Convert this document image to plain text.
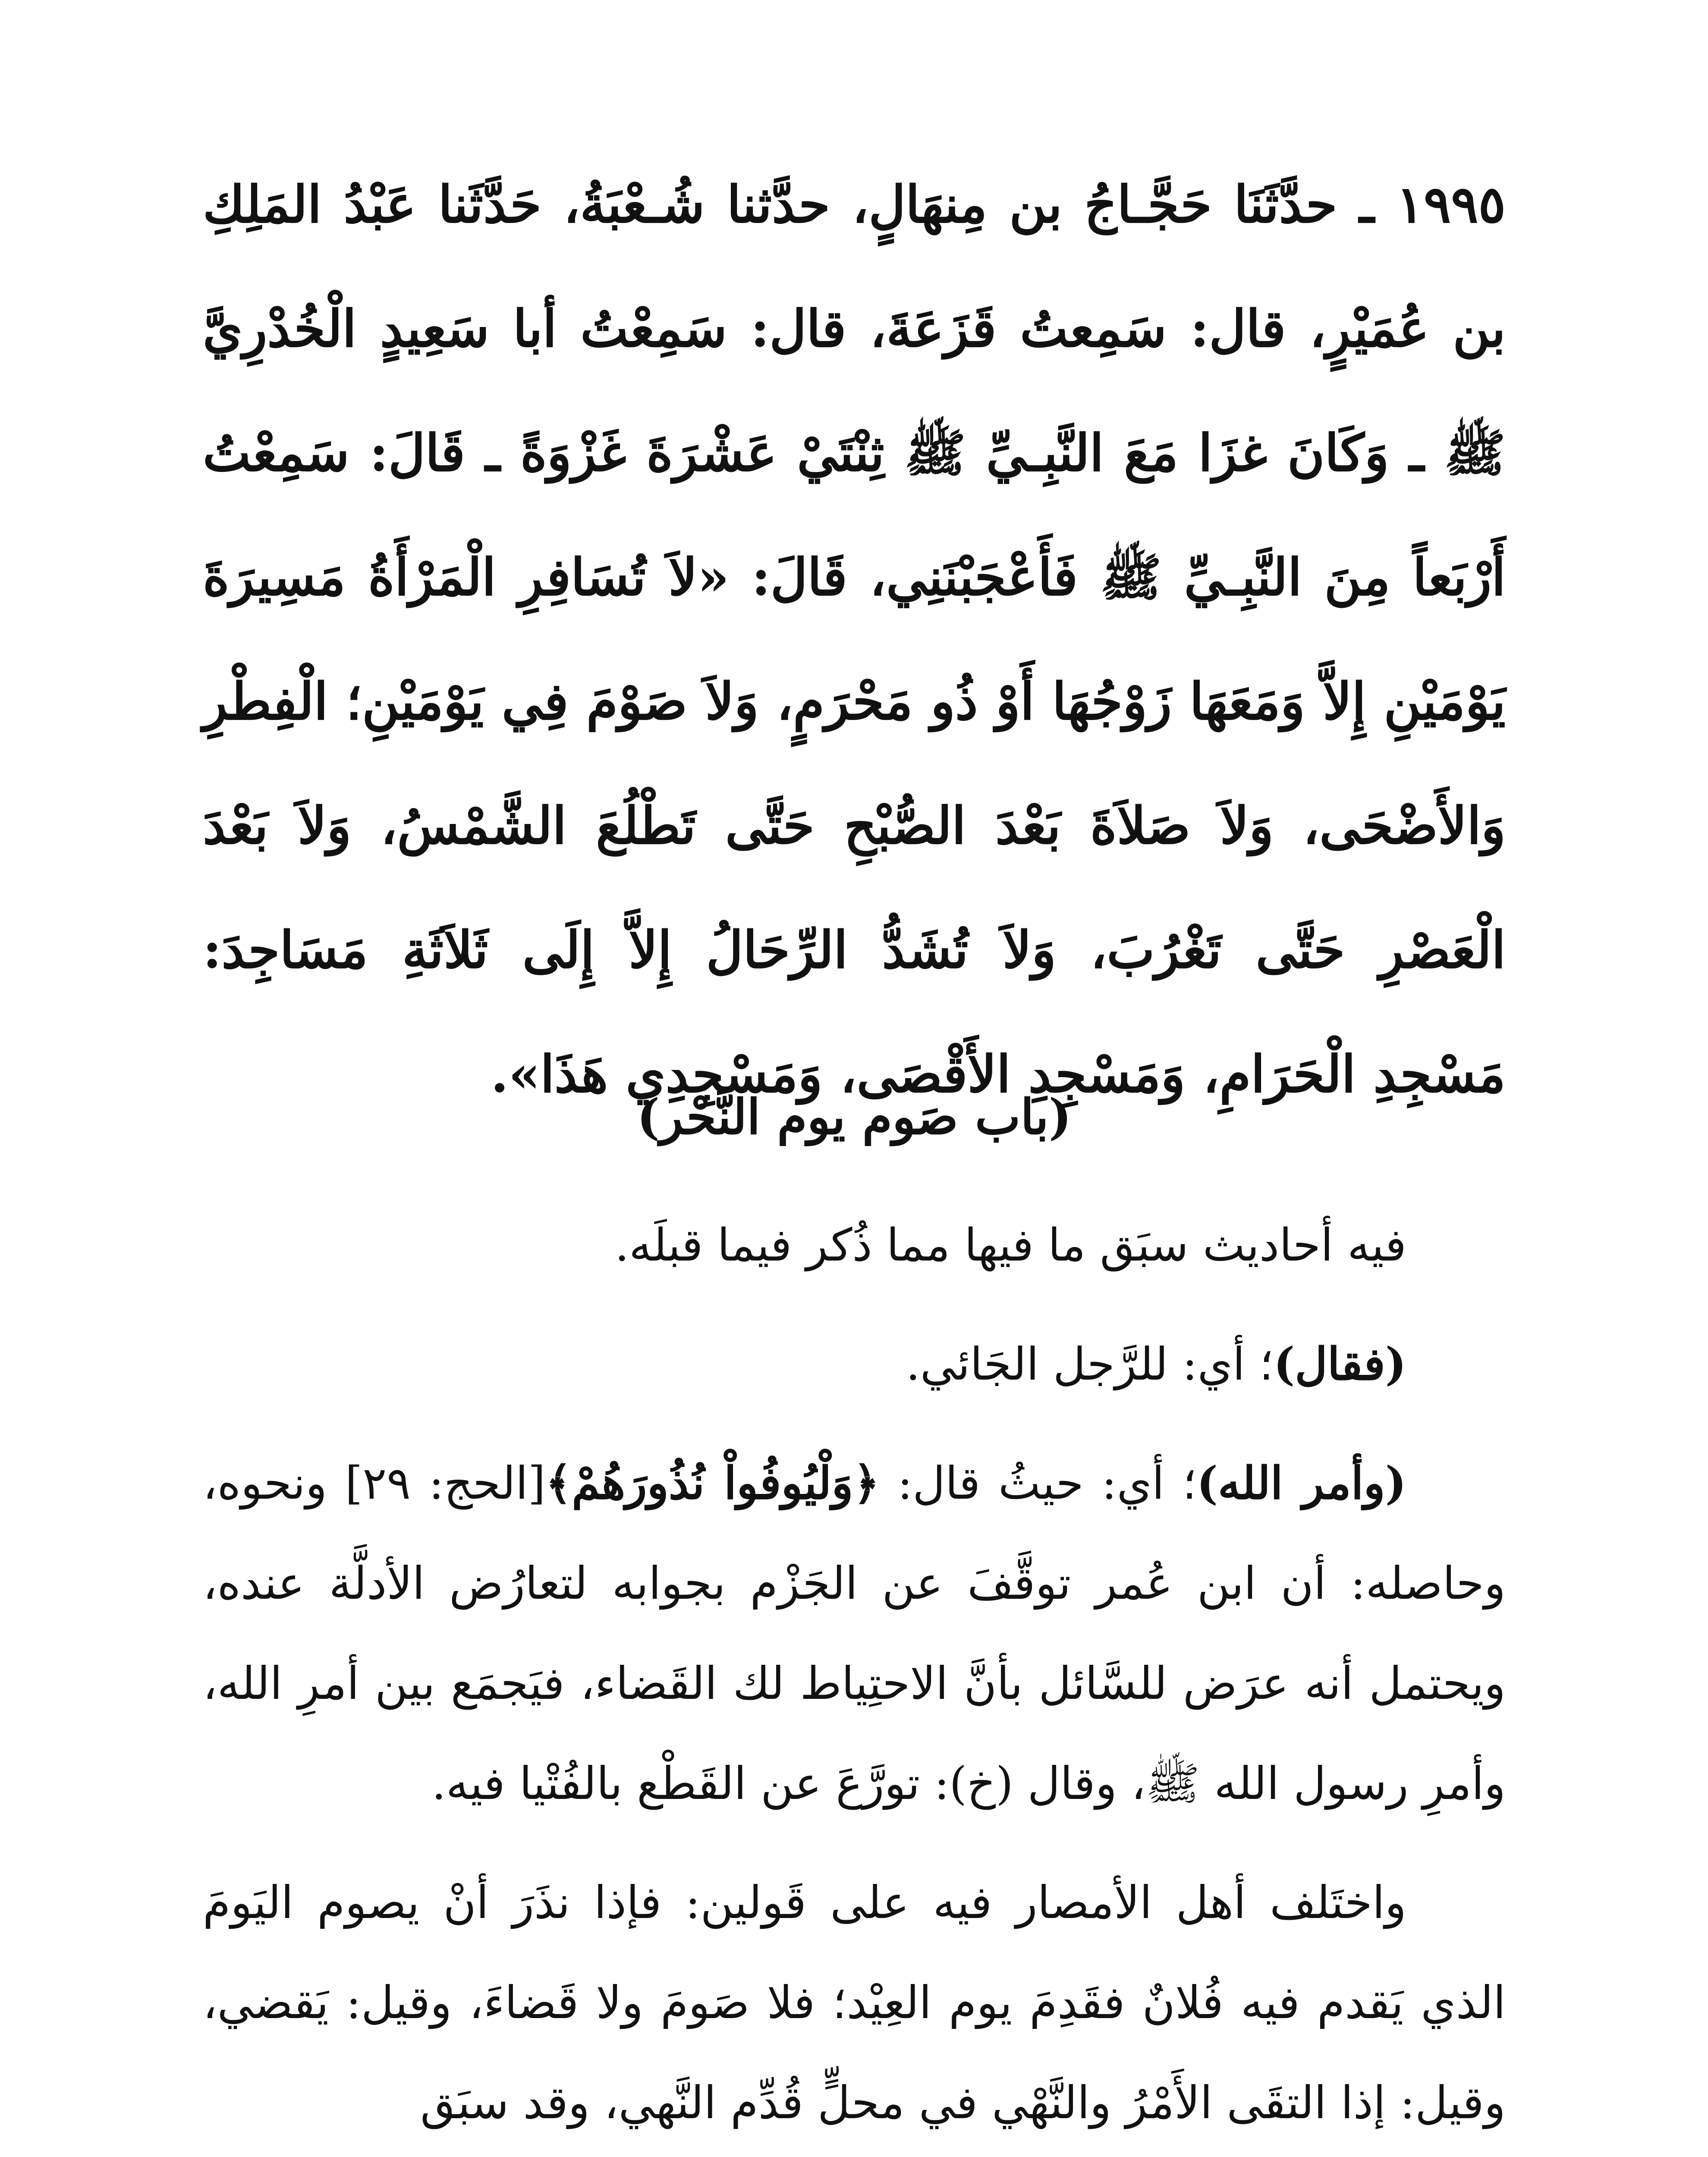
١٩٩٥ ـ حدَّثَنَا حَجَّـاجُ بن مِنهَالٍ، حدَّثنا شُـعْبَةُ، حَدَّثَنا عَبْدُ المَلِكِ بن عُمَيْرٍ، قال: سَمِعتُ قَزَعَةَ، قال: سَمِعْتُ أبا سَعِيدٍ الْخُدْرِيَّ ﷺ ـ وَكَانَ غزَا مَعَ النَّبِـيِّ ﷺ ثِنْتَيْ عَشْرَةَ غَزْوَةً ـ قَالَ: سَمِعْتُ أَرْبَعاً مِنَ النَّبِـيِّ ﷺ فَأَعْجَبْنَنِي، قَالَ: «لاَ تُسَافِرِ الْمَرْأَةُ مَسِيرَةَ يَوْمَيْنِ إِلاَّ وَمَعَهَا زَوْجُهَا أَوْ ذُو مَحْرَمٍ، وَلاَ صَوْمَ فِي يَوْمَيْنِ؛ الْفِطْرِ وَالأَضْحَى، وَلاَ صَلاَةَ بَعْدَ الصُّبْحِ حَتَّى تَطْلُعَ الشَّمْسُ، وَلاَ بَعْدَ الْعَصْرِ حَتَّى تَغْرُبَ، وَلاَ تُشَدُّ الرِّحَالُ إِلاَّ إِلَى ثَلاَثَةِ مَسَاجِدَ: مَسْجِدِ الْحَرَامِ، وَمَسْجِدِ الأَقْصَى، وَمَسْجِدِي هَذَا».
(باب صَوم يوم النَّحْر)

فيه أحاديث سبَق ما فيها مما ذُكر فيما قبلَه.

(فقال)؛ أي: للرَّجل الجَائي.

(وأمر الله)؛ أي: حيثُ قال: ﴿وَلْيُوفُواْ نُذُورَهُمْ﴾[الحج: ٢٩] ونحوه، وحاصله: أن ابن عُمر توقَّفَ عن الجَزْم بجوابه لتعارُض الأدلَّة عنده، ويحتمل أنه عرَض للسَّائل بأنَّ الاحتِياط لك القَضاء، فيَجمَع بين أمرِ الله، وأمرِ رسول الله ﷺ، وقال (خ): تورَّعَ عن القَطْع بالفُتْيا فيه.

واختَلف أهل الأمصار فيه على قَولين: فإذا نذَرَ أنْ يصوم اليَومَ الذي يَقدم فيه فُلانٌ فقَدِمَ يوم العِيْد؛ فلا صَومَ ولا قَضاءَ، وقيل: يَقضي، وقيل: إذا التقَى الأَمْرُ والنَّهْي في محلٍّ قُدِّم النَّهي، وقد سبَق
